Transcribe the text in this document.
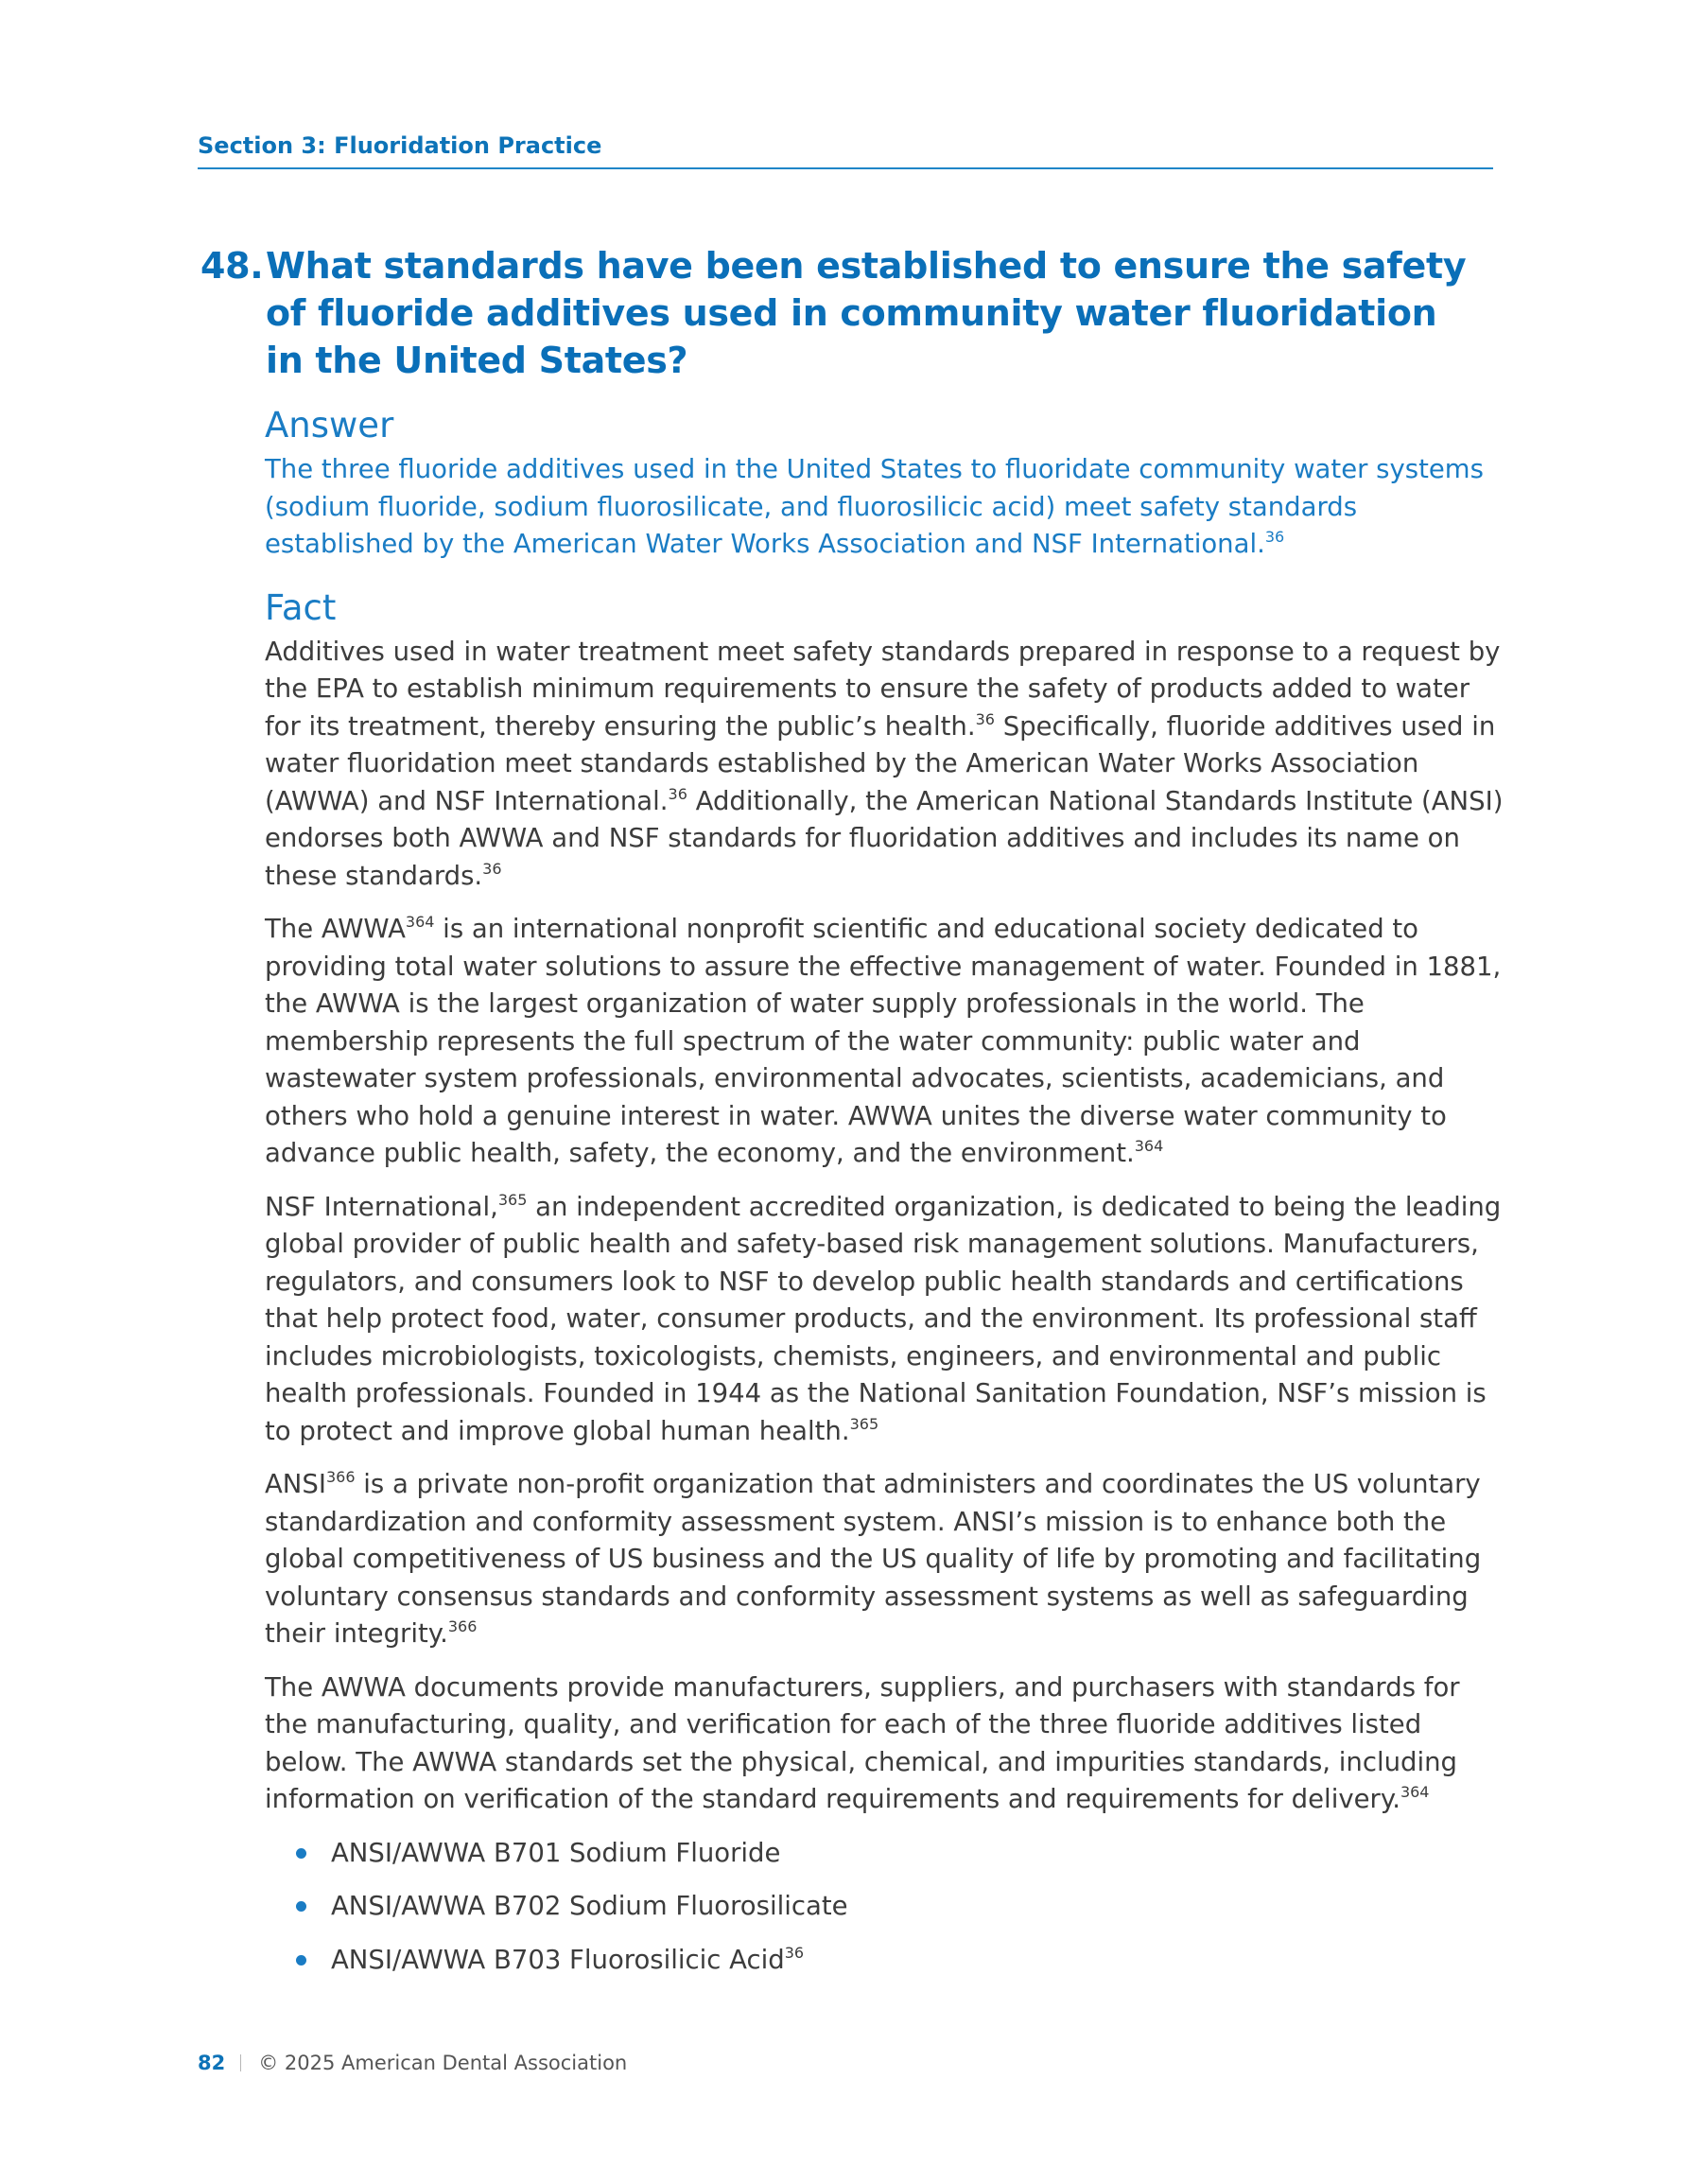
Section 3: Fluoridation Practice
48. What standards have been established to ensure the safety of fluoride additives used in community water fluoridation in the United States?
Answer

The three fluoride additives used in the United States to fluoridate community water systems (sodium fluoride, sodium fluorosilicate, and fluorosilicic acid) meet safety standards established by the American Water Works Association and NSF International.$^{36}$

Fact

Additives used in water treatment meet safety standards prepared in response to a request by the EPA to establish minimum requirements to ensure the safety of products added to water for its treatment, thereby ensuring the public’s health.$^{36}$ Specifically, fluoride additives used in water fluoridation meet standards established by the American Water Works Association (AWWA) and NSF International.$^{36}$ Additionally, the American National Standards Institute (ANSI) endorses both AWWA and NSF standards for fluoridation additives and includes its name on these standards.$^{36}$

The AWWA$^{364}$ is an international nonprofit scientific and educational society dedicated to providing total water solutions to assure the effective management of water. Founded in 1881, the AWWA is the largest organization of water supply professionals in the world. The membership represents the full spectrum of the water community: public water and wastewater system professionals, environmental advocates, scientists, academicians, and others who hold a genuine interest in water. AWWA unites the diverse water community to advance public health, safety, the economy, and the environment.$^{364}$

NSF International,$^{365}$ an independent accredited organization, is dedicated to being the leading global provider of public health and safety-based risk management solutions. Manufacturers, regulators, and consumers look to NSF to develop public health standards and certifications that help protect food, water, consumer products, and the environment. Its professional staff includes microbiologists, toxicologists, chemists, engineers, and environmental and public health professionals. Founded in 1944 as the National Sanitation Foundation, NSF’s mission is to protect and improve global human health.$^{365}$

ANSI$^{366}$ is a private non-profit organization that administers and coordinates the US voluntary standardization and conformity assessment system. ANSI’s mission is to enhance both the global competitiveness of US business and the US quality of life by promoting and facilitating voluntary consensus standards and conformity assessment systems as well as safeguarding their integrity.$^{366}$

The AWWA documents provide manufacturers, suppliers, and purchasers with standards for the manufacturing, quality, and verification for each of the three fluoride additives listed below. The AWWA standards set the physical, chemical, and impurities standards, including information on verification of the standard requirements and requirements for delivery.$^{364}$

ANSI/AWWA B701 Sodium Fluoride
ANSI/AWWA B702 Sodium Fluorosilicate
ANSI/AWWA B703 Fluorosilicic Acid$^{36}$
82 © 2025 American Dental Association
